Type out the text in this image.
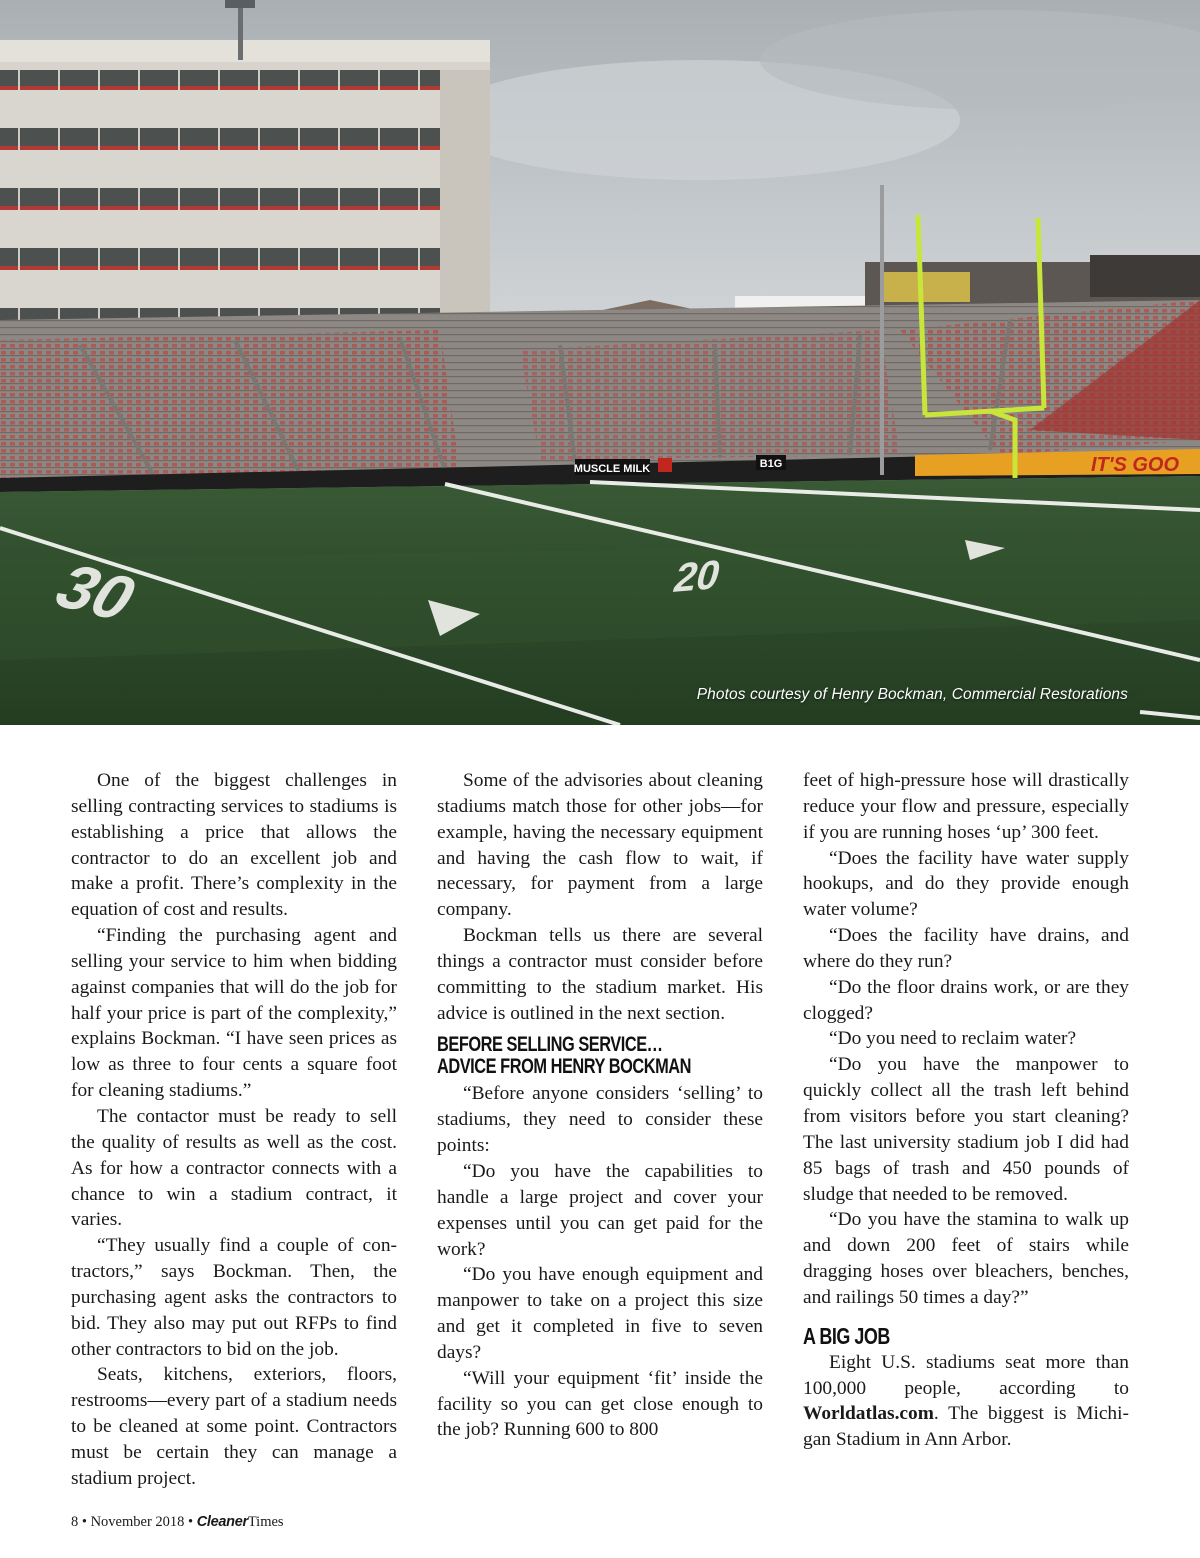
MUSCLE MILK	B1G	IT'S GOO
30	20
Photos courtesy of Henry Bockman, Commercial Restorations

One of the biggest challenges in selling contracting services to stadiums is establishing a price that allows the contractor to do an excellent job and make a profit. There’s complexity in the equation of cost and results.

“Finding the purchasing agent and selling your service to him when bidding against companies that will do the job for half your price is part of the complexity,” explains Bockman. “I have seen prices as low as three to four cents a square foot for cleaning stadiums.”

The contactor must be ready to sell the quality of results as well as the cost. As for how a contractor connects with a chance to win a stadium contract, it varies.

“They usually find a couple of contractors,” says Bockman. Then, the purchasing agent asks the contractors to bid. They also may put out RFPs to find other contractors to bid on the job.

Seats, kitchens, exteriors, floors, restrooms—every part of a stadium needs to be cleaned at some point. Contractors must be certain they can manage a stadium project.

Some of the advisories about cleaning stadiums match those for other jobs—for example, having the necessary equipment and having the cash flow to wait, if necessary, for payment from a large company.

Bockman tells us there are several things a contractor must consider before committing to the stadium market. His advice is outlined in the next section.

BEFORE SELLING SERVICE…
ADVICE FROM HENRY BOCKMAN

“Before anyone considers ‘selling’ to stadiums, they need to consider these points:

“Do you have the capabilities to handle a large project and cover your expenses until you can get paid for the work?

“Do you have enough equipment and manpower to take on a project this size and get it completed in five to seven days?

“Will your equipment ‘fit’ inside the facility so you can get close enough to the job? Running 600 to 800

feet of high-pressure hose will drastically reduce your flow and pressure, especially if you are running hoses ‘up’ 300 feet.

“Does the facility have water supply hookups, and do they provide enough water volume?

“Does the facility have drains, and where do they run?

“Do the floor drains work, or are they clogged?

“Do you need to reclaim water?

“Do you have the manpower to quickly collect all the trash left behind from visitors before you start cleaning? The last university stadium job I did had 85 bags of trash and 450 pounds of sludge that needed to be removed.

“Do you have the stamina to walk up and down 200 feet of stairs while dragging hoses over bleachers, benches, and railings 50 times a day?”

A BIG JOB

Eight U.S. stadiums seat more than 100,000 people, according to Worldatlas.com. The biggest is Michigan Stadium in Ann Arbor.

8 • November 2018 • CleanerTimes
